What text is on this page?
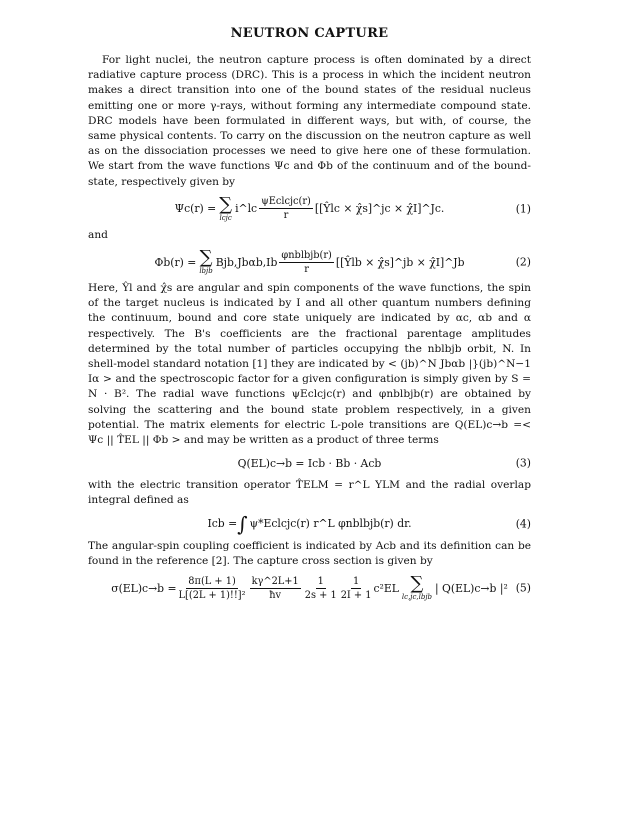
NEUTRON CAPTURE

For light nuclei, the neutron capture process is often dominated by a direct radiative capture process (DRC). This is a process in which the incident neutron makes a direct transition into one of the bound states of the residual nucleus emitting one or more γ-rays, without forming any intermediate compound state. DRC models have been formulated in different ways, but with, of course, the same physical contents. To carry on the discussion on the neutron capture as well as on the dissociation processes we need to give here one of these formulation. We start from the wave functions Ψc and Φb of the continuum and of the bound-state, respectively given by

Ψc(r) = ∑
lcjc
i^lc $\frac{\text{ψEclcjc(r)}}{r}$ [[Ŷlc × χ̂s]^jc × χ̂I]^Jc.	(1)

and

Φb(r) = ∑
lbjb
$Bjb,Jb\alpha b,Ib \frac{\text{φnblbjb(r)}}{r}$ [[Ŷlb × χ̂s]^jb × χ̂I]^Jb	(2)

Here, Ŷl and χ̂s are angular and spin components of the wave functions, the spin of the target nucleus is indicated by I and all other quantum numbers defining the continuum, bound and core state uniquely are indicated by αc, αb and α respectively. The B's coefficients are the fractional parentage amplitudes determined by the total number of particles occupying the nblbjb orbit, N. In shell-model standard notation [1] they are indicated by < (jb)^N Jbαb |}(jb)^N−1 Iα > and the spectroscopic factor for a given configuration is simply given by S = N · B². The radial wave functions ψEclcjc(r) and φnblbjb(r) are obtained by solving the scattering and the bound state problem respectively, in a given potential. The matrix elements for electric L-pole transitions are Q(EL)c→b =< Ψc || T̂EL || Φb > and may be written as a product of three terms

Q(EL)c→b = Icb · Bb · Acb	(3)

with the electric transition operator T̂ELM = r^L YLM and the radial overlap integral defined as

Icb = ∫ ψ*Eclcjc(r) r^L φnblbjb(r) dr.	(4)

The angular-spin coupling coefficient is indicated by Acb and its definition can be found in the reference [2]. The capture cross section is given by

$\sigma(EL)c\to b = \frac{8\pi(L + 1)}{\text{L[(2L + 1)!!]²}} \frac{k\gamma\^{}2L+1}{ħv} \frac{1}{2s + 1} \frac{1}{2I + 1} c^2EL$ ∑
lc,jc,lbjb
| Q(EL)c→b |² (5)
